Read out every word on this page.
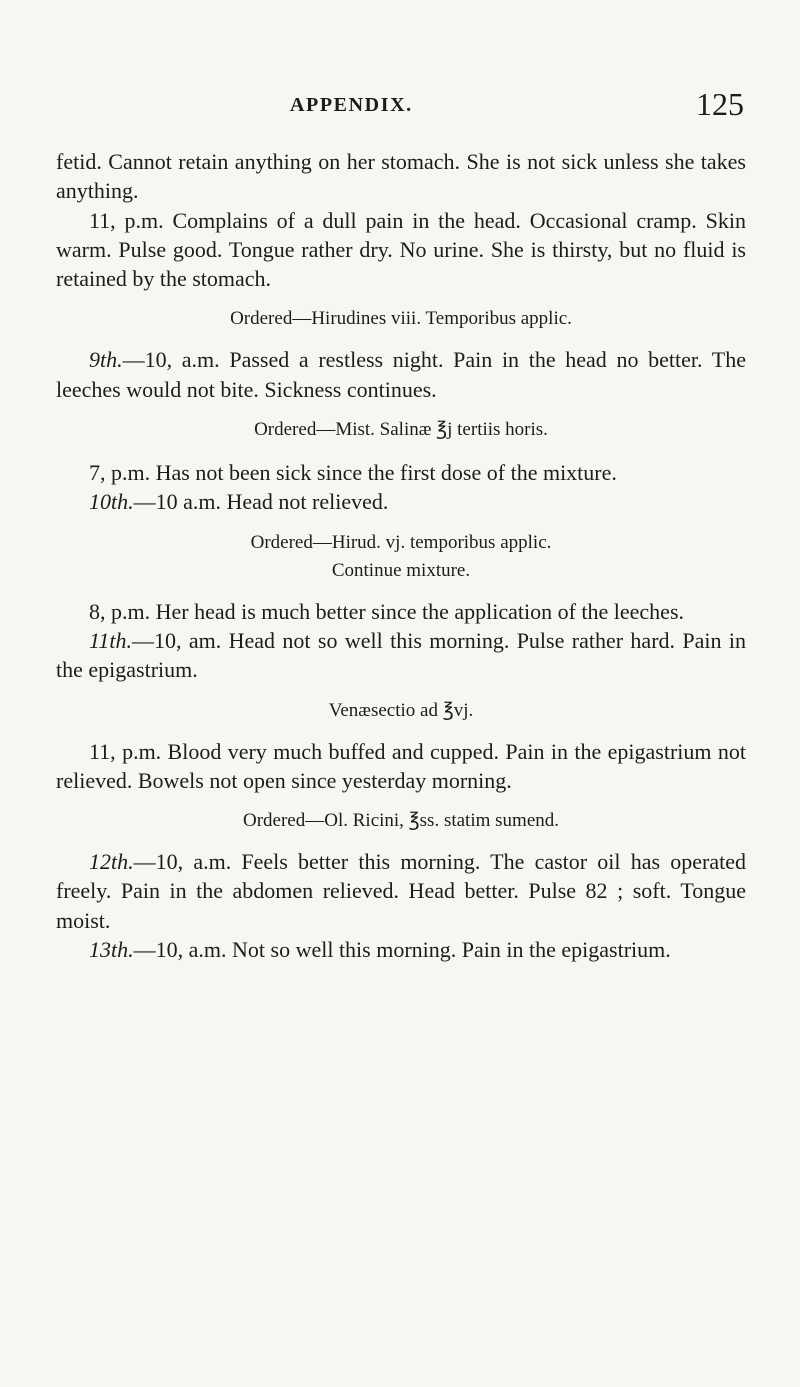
APPENDIX.	125

fetid. Cannot retain anything on her stomach. She is not sick unless she takes anything.

11, p.m. Complains of a dull pain in the head. Occasional cramp. Skin warm. Pulse good. Tongue rather dry. No urine. She is thirsty, but no fluid is retained by the stomach.

Ordered—Hirudines viii. Temporibus applic.

9th.—10, a.m. Passed a restless night. Pain in the head no better. The leeches would not bite. Sickness continues.

Ordered—Mist. Salinæ ℥j tertiis horis.

7, p.m. Has not been sick since the first dose of the mixture.

10th.—10 a.m. Head not relieved.

Ordered—Hirud. vj. temporibus applic.

Continue mixture.

8, p.m. Her head is much better since the application of the leeches.

11th.—10, am. Head not so well this morning. Pulse rather hard. Pain in the epigastrium.

Venæsectio ad ℥vj.

11, p.m. Blood very much buffed and cupped. Pain in the epigastrium not relieved. Bowels not open since yesterday morning.

Ordered—Ol. Ricini, ℥ss. statim sumend.

12th.—10, a.m. Feels better this morning. The castor oil has operated freely. Pain in the abdomen relieved. Head better. Pulse 82 ; soft. Tongue moist.

13th.—10, a.m. Not so well this morning. Pain in the epigastrium.
